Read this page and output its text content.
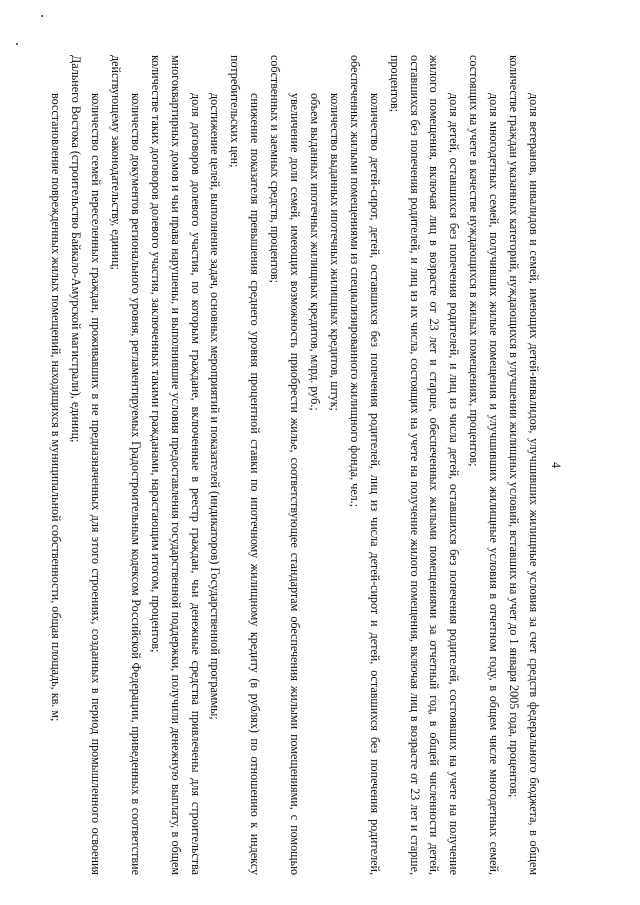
4

доля ветеранов, инвалидов и семей, имеющих детей-инвалидов, улучшивших жилищные условия за счет средств федерального бюджета, в общем количестве граждан указанных категорий, нуждающихся в улучшении жилищных условий, вставших на учет до 1 января 2005 года, процентов;

доля многодетных семей, получивших жилые помещения и улучшивших жилищные условия в отчетном году, в общем числе многодетных семей, состоящих на учете в качестве нуждающихся в жилых помещениях, процентов;

доля детей, оставшихся без попечения родителей, и лиц из числа детей, оставшихся без попечения родителей, состоявших на учете на получение жилого помещения, включая лиц в возрасте от 23 лет и старше, обеспеченных жилыми помещениями за отчетный год, в общей численности детей, оставшихся без попечения родителей, и лиц из их числа, состоящих на учете на получение жилого помещения, включая лиц в возрасте от 23 лет и старше, процентов;

количество детей-сирот, детей, оставшихся без попечения родителей, лиц из числа детей-сирот и детей, оставшихся без попечения родителей, обеспеченных жилыми помещениями из специализированного жилищного фонда, чел.;

количество выданных ипотечных жилищных кредитов, штук;

объем выданных ипотечных жилищных кредитов, млрд. руб.;

увеличение доли семей, имеющих возможность приобрести жилье, соответствующее стандартам обеспечения жилыми помещениями, с помощью собственных и заемных средств, процентов;

снижение показателя превышения среднего уровня процентной ставки по ипотечному жилищному кредиту (в рублях) по отношению к индексу потребительских цен;

достижение целей, выполнение задач, основных мероприятий и показателей (индикаторов) Государственной программы;

доля договоров долевого участия, по которым граждане, включенные в реестр граждан, чьи денежные средства привлечены для строительства многоквартирных домов и чьи права нарушены, и выполнившие условия предоставления государственной поддержки, получили денежную выплату, в общем количестве таких договоров долевого участия, заключенных такими гражданами, нарастающим итогом, процентов;

количество документов регионального уровня, регламентируемых Градостроительным кодексом Российской Федерации, приведенных в соответствие действующему законодательству, единиц;

количество семей переселенных граждан, проживавших в не предназначенных для этого строениях, созданных в период промышленного освоения Дальнего Востока (строительство Байкало-Амурской магистрали), единиц;

восстановление поврежденных жилых помещений, находящихся в муниципальной собственности, общая площадь, кв. м;
